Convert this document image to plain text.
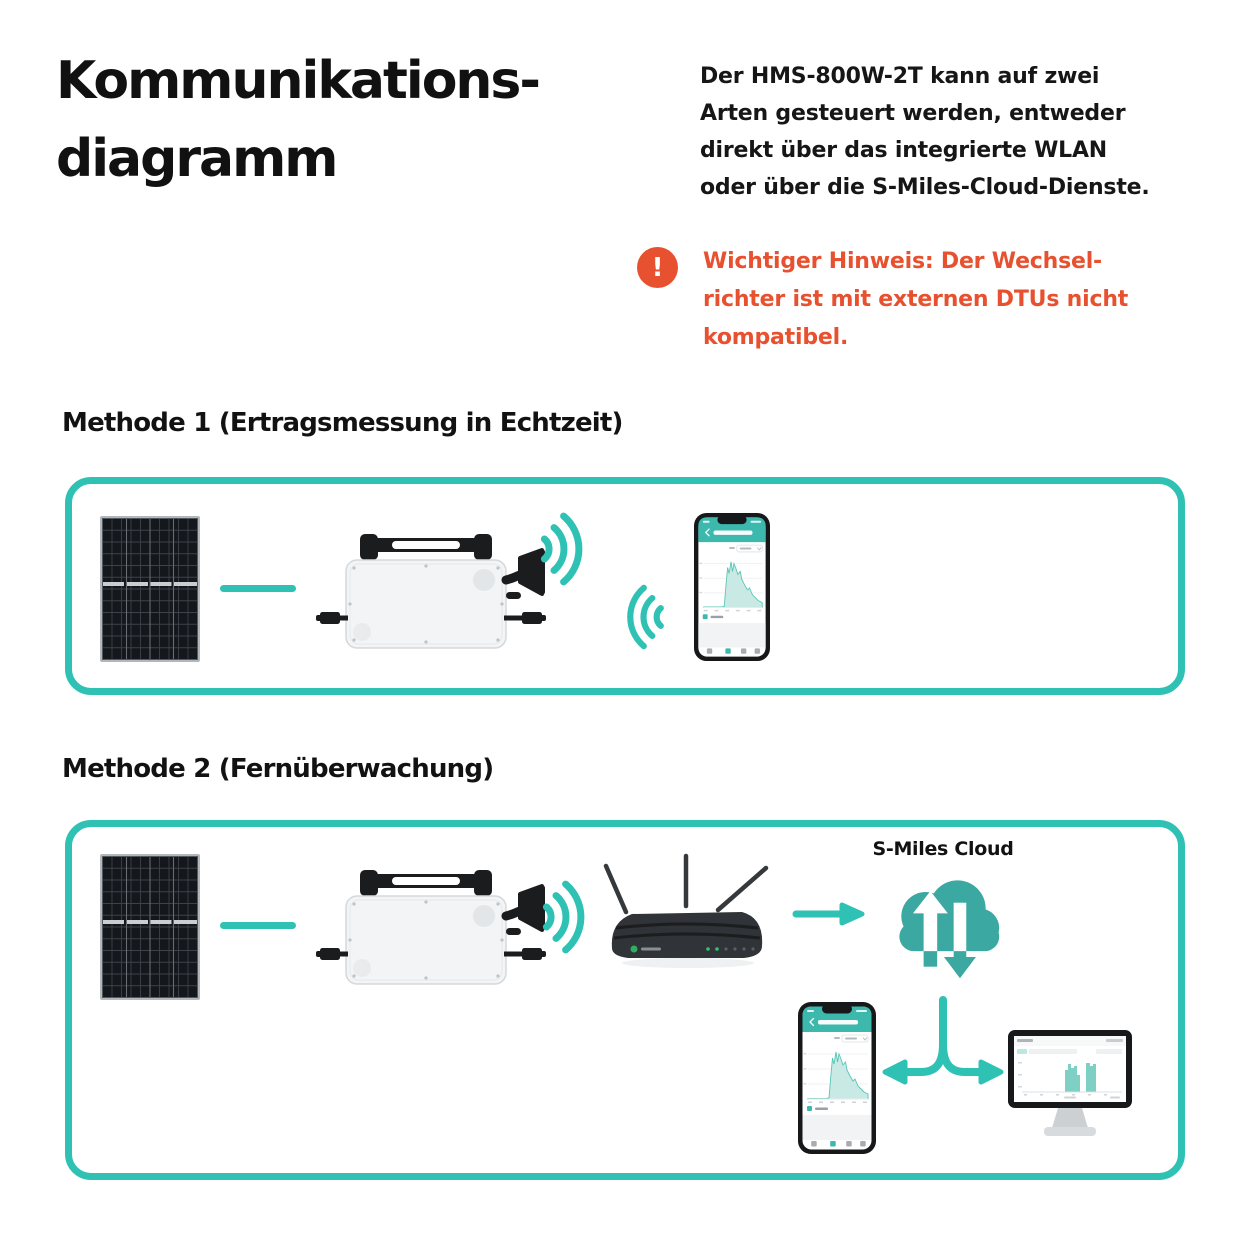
Kommunikations-
diagramm
Der HMS-800W-2T kann auf zwei
Arten gesteuert werden, entweder
direkt über das integrierte WLAN
oder über die S-Miles-Cloud-Dienste.
! Wichtiger Hinweis: Der Wechsel-
richter ist mit externen DTUs nicht
kompatibel.
Methode 1 (Ertragsmessung in Echtzeit)
Methode 2 (Fernüberwachung)
S-Miles Cloud
